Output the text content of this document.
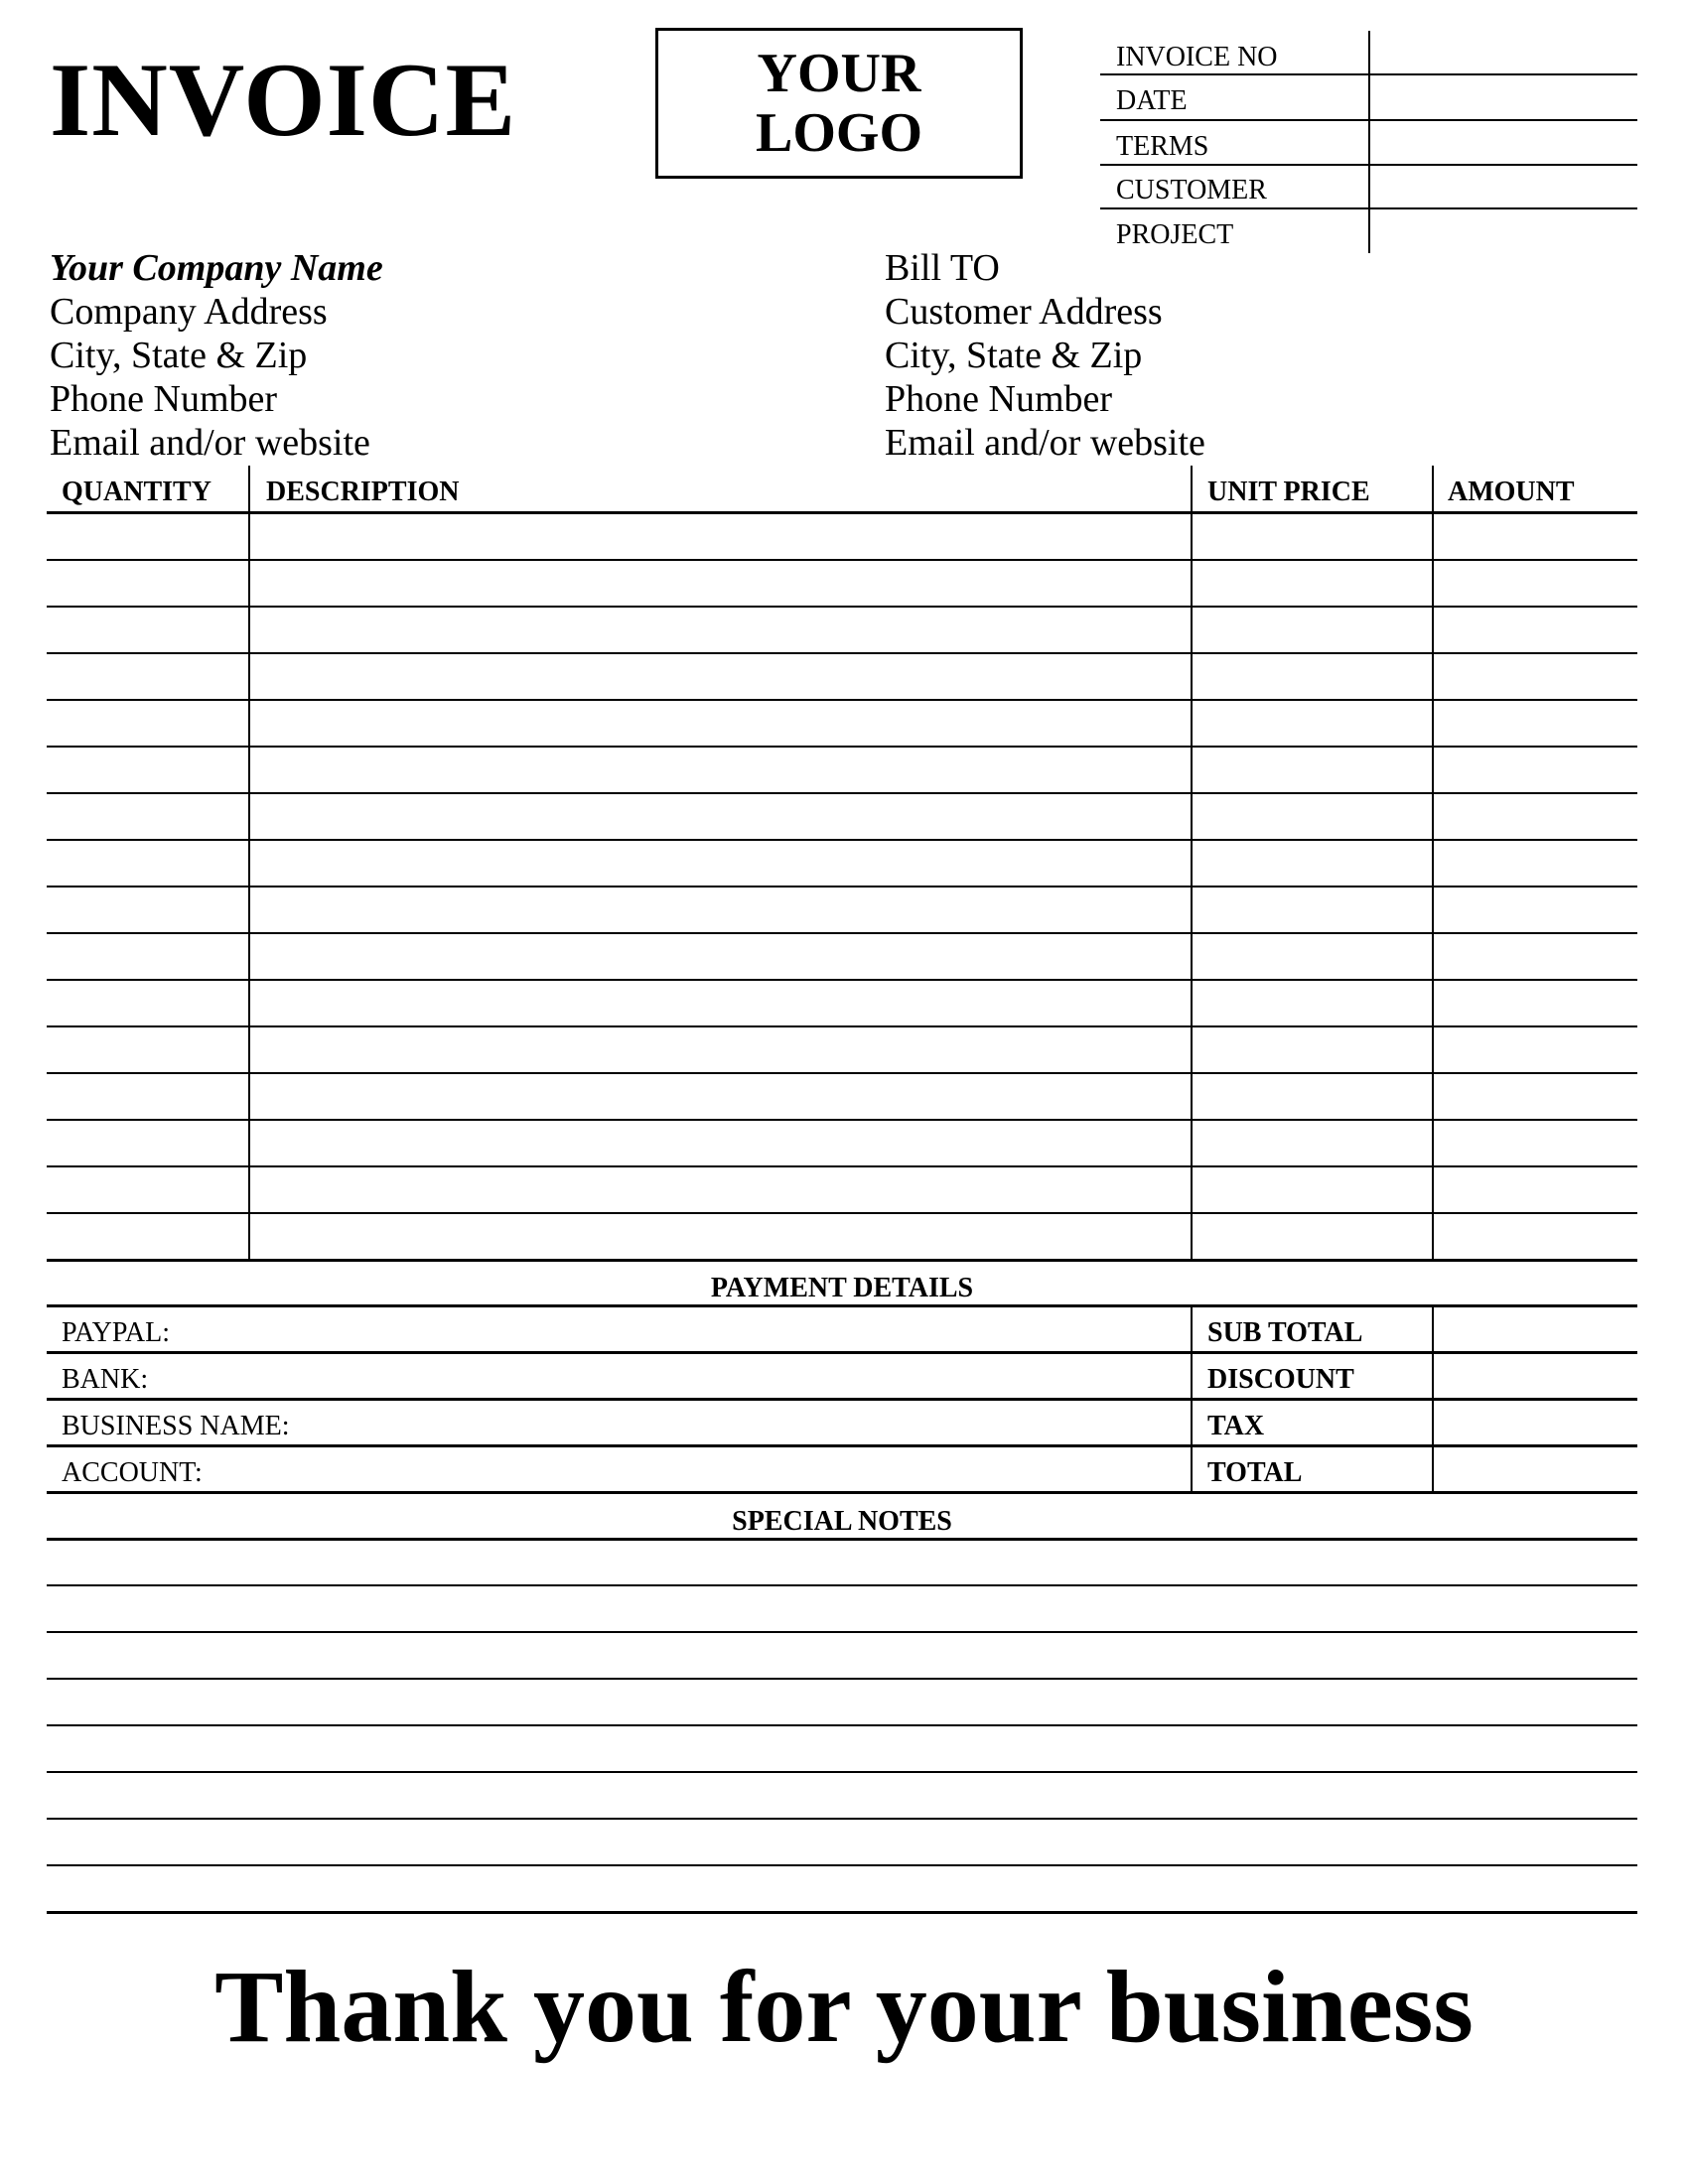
INVOICE	YOUR
LOGO
INVOICE NO
DATE
TERMS
CUSTOMER
PROJECT
Your Company Name
Company Address
City, State & Zip
Phone Number
Email and/or website
Bill TO
Customer Address
City, State & Zip
Phone Number
Email and/or website
QUANTITY DESCRIPTION	UNIT PRICE	AMOUNT
PAYMENT DETAILS
PAYPAL:	SUB TOTAL
BANK:	DISCOUNT
BUSINESS NAME:	TAX
ACCOUNT:	TOTAL
SPECIAL NOTES
Thank you for your business
